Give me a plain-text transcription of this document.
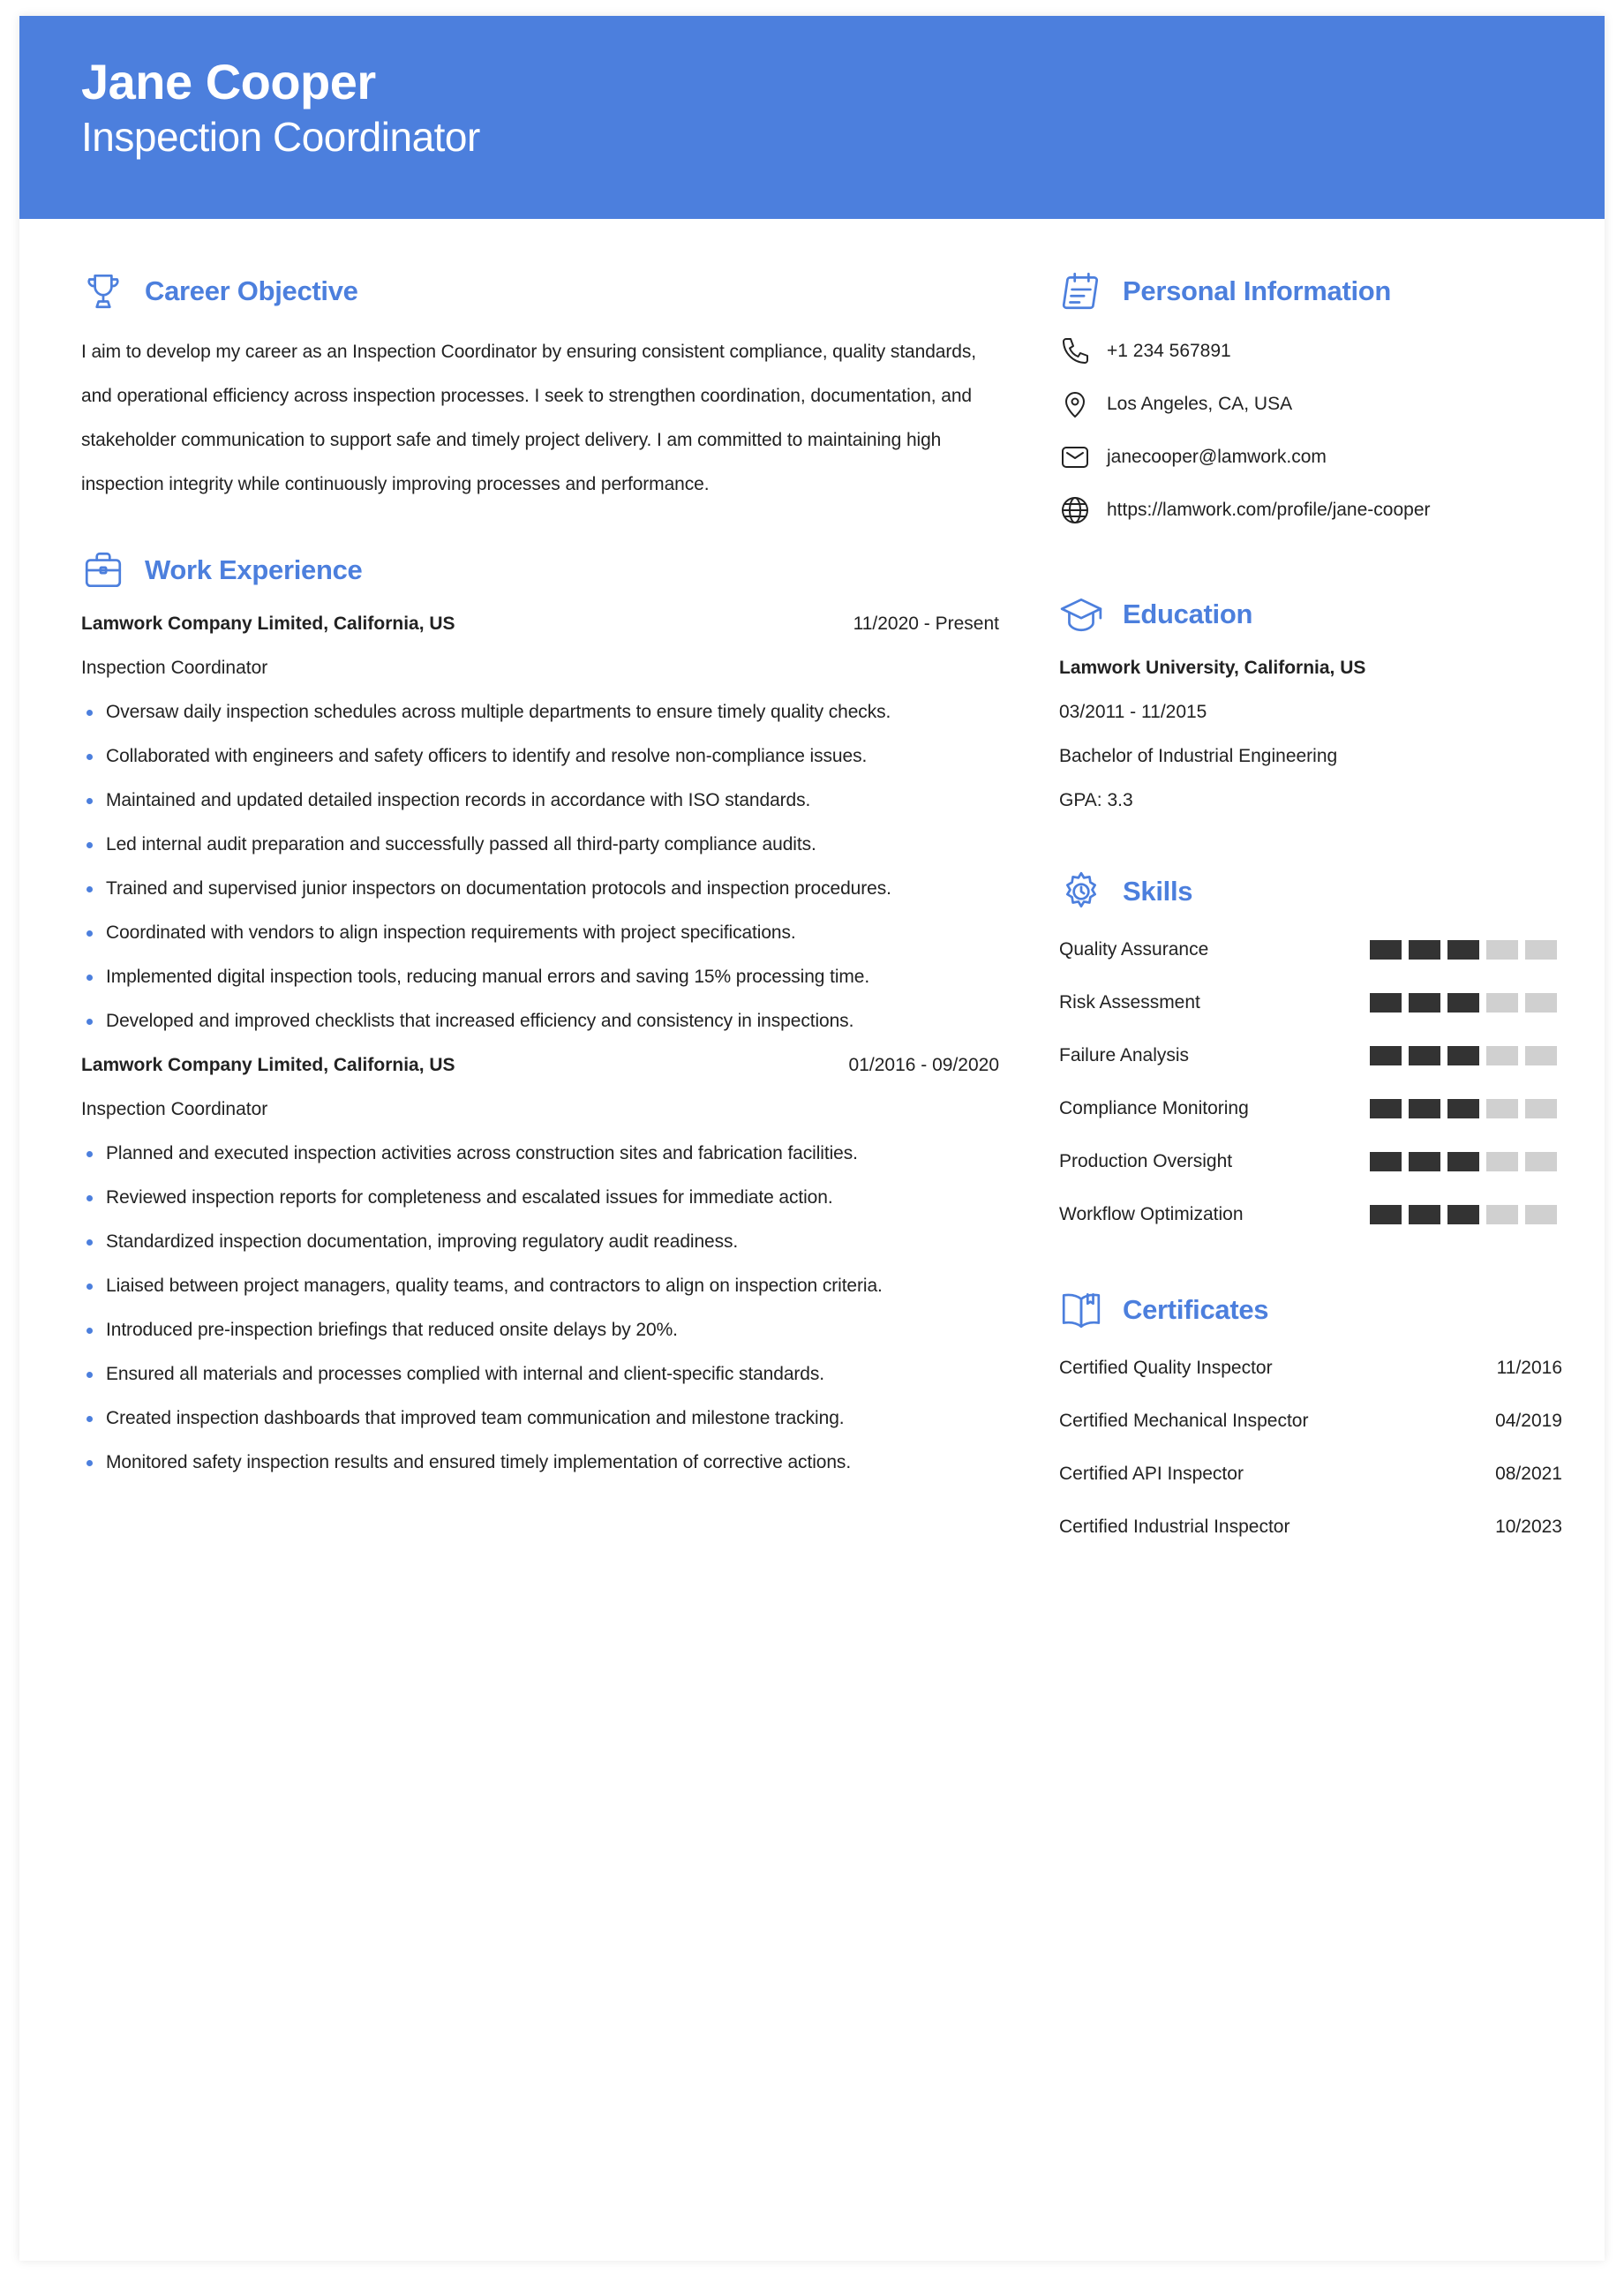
Jane Cooper
Inspection Coordinator
Career Objective
I aim to develop my career as an Inspection Coordinator by ensuring consistent compliance, quality standards,
and operational efficiency across inspection processes. I seek to strengthen coordination, documentation, and
stakeholder communication to support safe and timely project delivery. I am committed to maintaining high
inspection integrity while continuously improving processes and performance.
Work Experience
Lamwork Company Limited, California, US	11/2020 - Present
Inspection Coordinator
Oversaw daily inspection schedules across multiple departments to ensure timely quality checks.
Collaborated with engineers and safety officers to identify and resolve non-compliance issues.
Maintained and updated detailed inspection records in accordance with ISO standards.
Led internal audit preparation and successfully passed all third-party compliance audits.
Trained and supervised junior inspectors on documentation protocols and inspection procedures.
Coordinated with vendors to align inspection requirements with project specifications.
Implemented digital inspection tools, reducing manual errors and saving 15% processing time.
Developed and improved checklists that increased efficiency and consistency in inspections.
Lamwork Company Limited, California, US	01/2016 - 09/2020
Inspection Coordinator
Planned and executed inspection activities across construction sites and fabrication facilities.
Reviewed inspection reports for completeness and escalated issues for immediate action.
Standardized inspection documentation, improving regulatory audit readiness.
Liaised between project managers, quality teams, and contractors to align on inspection criteria.
Introduced pre-inspection briefings that reduced onsite delays by 20%.
Ensured all materials and processes complied with internal and client-specific standards.
Created inspection dashboards that improved team communication and milestone tracking.
Monitored safety inspection results and ensured timely implementation of corrective actions.
Personal Information
+1 234 567891
Los Angeles, CA, USA
janecooper@lamwork.com
https://lamwork.com/profile/jane-cooper
Education
Lamwork University, California, US
03/2011 - 11/2015
Bachelor of Industrial Engineering
GPA: 3.3
Skills
Quality Assurance
Risk Assessment
Failure Analysis
Compliance Monitoring
Production Oversight
Workflow Optimization
Certificates
Certified Quality Inspector	11/2016
Certified Mechanical Inspector	04/2019
Certified API Inspector	08/2021
Certified Industrial Inspector	10/2023
